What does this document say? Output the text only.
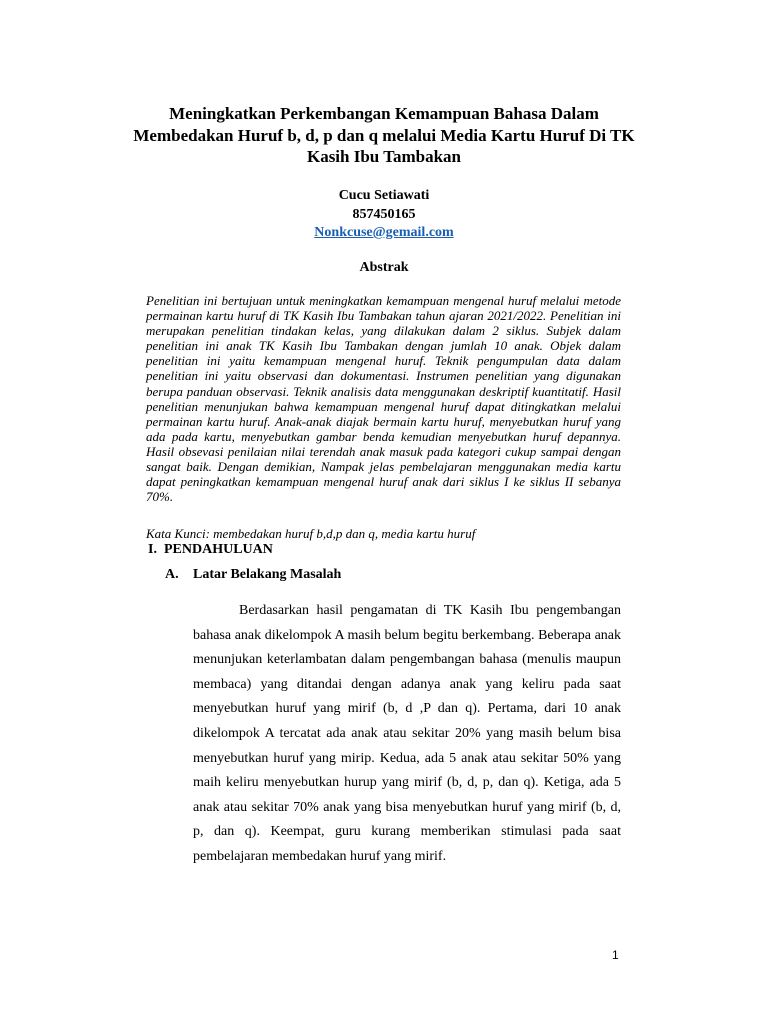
Meningkatkan Perkembangan Kemampuan Bahasa Dalam Membedakan Huruf b, d, p dan q melalui Media Kartu Huruf Di TK Kasih Ibu Tambakan
Cucu Setiawati
857450165
Nonkcuse@gemail.com
Abstrak

Penelitian ini bertujuan untuk meningkatkan kemampuan mengenal huruf melalui metode permainan kartu huruf di TK Kasih Ibu Tambakan tahun ajaran 2021/2022. Penelitian ini merupakan penelitian tindakan kelas, yang dilakukan dalam 2 siklus. Subjek dalam penelitian ini anak TK Kasih Ibu Tambakan dengan jumlah 10 anak. Objek dalam penelitian ini yaitu kemampuan mengenal huruf. Teknik pengumpulan data dalam penelitian ini yaitu observasi dan dokumentasi. Instrumen penelitian yang digunakan berupa panduan observasi. Teknik analisis data menggunakan deskriptif kuantitatif. Hasil penelitian menunjukan bahwa kemampuan mengenal huruf dapat ditingkatkan melalui permainan kartu huruf. Anak-anak diajak bermain kartu huruf, menyebutkan huruf yang ada pada kartu, menyebutkan gambar benda kemudian menyebutkan huruf depannya. Hasil obsevasi penilaian nilai terendah anak masuk pada kategori cukup sampai dengan sangat baik. Dengan demikian, Nampak jelas pembelajaran menggunakan media kartu dapat peningkatkan kemampuan mengenal huruf anak dari siklus I ke siklus II sebanya 70%.

Kata Kunci: membedakan huruf b,d,p dan q, media kartu huruf
I. PENDAHULUAN
A. Latar Belakang Masalah

Berdasarkan hasil pengamatan di TK Kasih Ibu pengembangan bahasa anak dikelompok A masih belum begitu berkembang. Beberapa anak menunjukan keterlambatan dalam pengembangan bahasa (menulis maupun membaca) yang ditandai dengan adanya anak yang keliru pada saat menyebutkan huruf yang mirif (b, d ,P dan q). Pertama, dari 10 anak dikelompok A tercatat ada anak atau sekitar 20% yang masih belum bisa menyebutkan huruf yang mirip. Kedua, ada 5 anak atau sekitar 50% yang maih keliru menyebutkan hurup yang mirif (b, d, p, dan q). Ketiga, ada 5 anak atau sekitar 70% anak yang bisa menyebutkan huruf yang mirif (b, d, p, dan q). Keempat, guru kurang memberikan stimulasi pada saat pembelajaran membedakan huruf yang mirif.

1
